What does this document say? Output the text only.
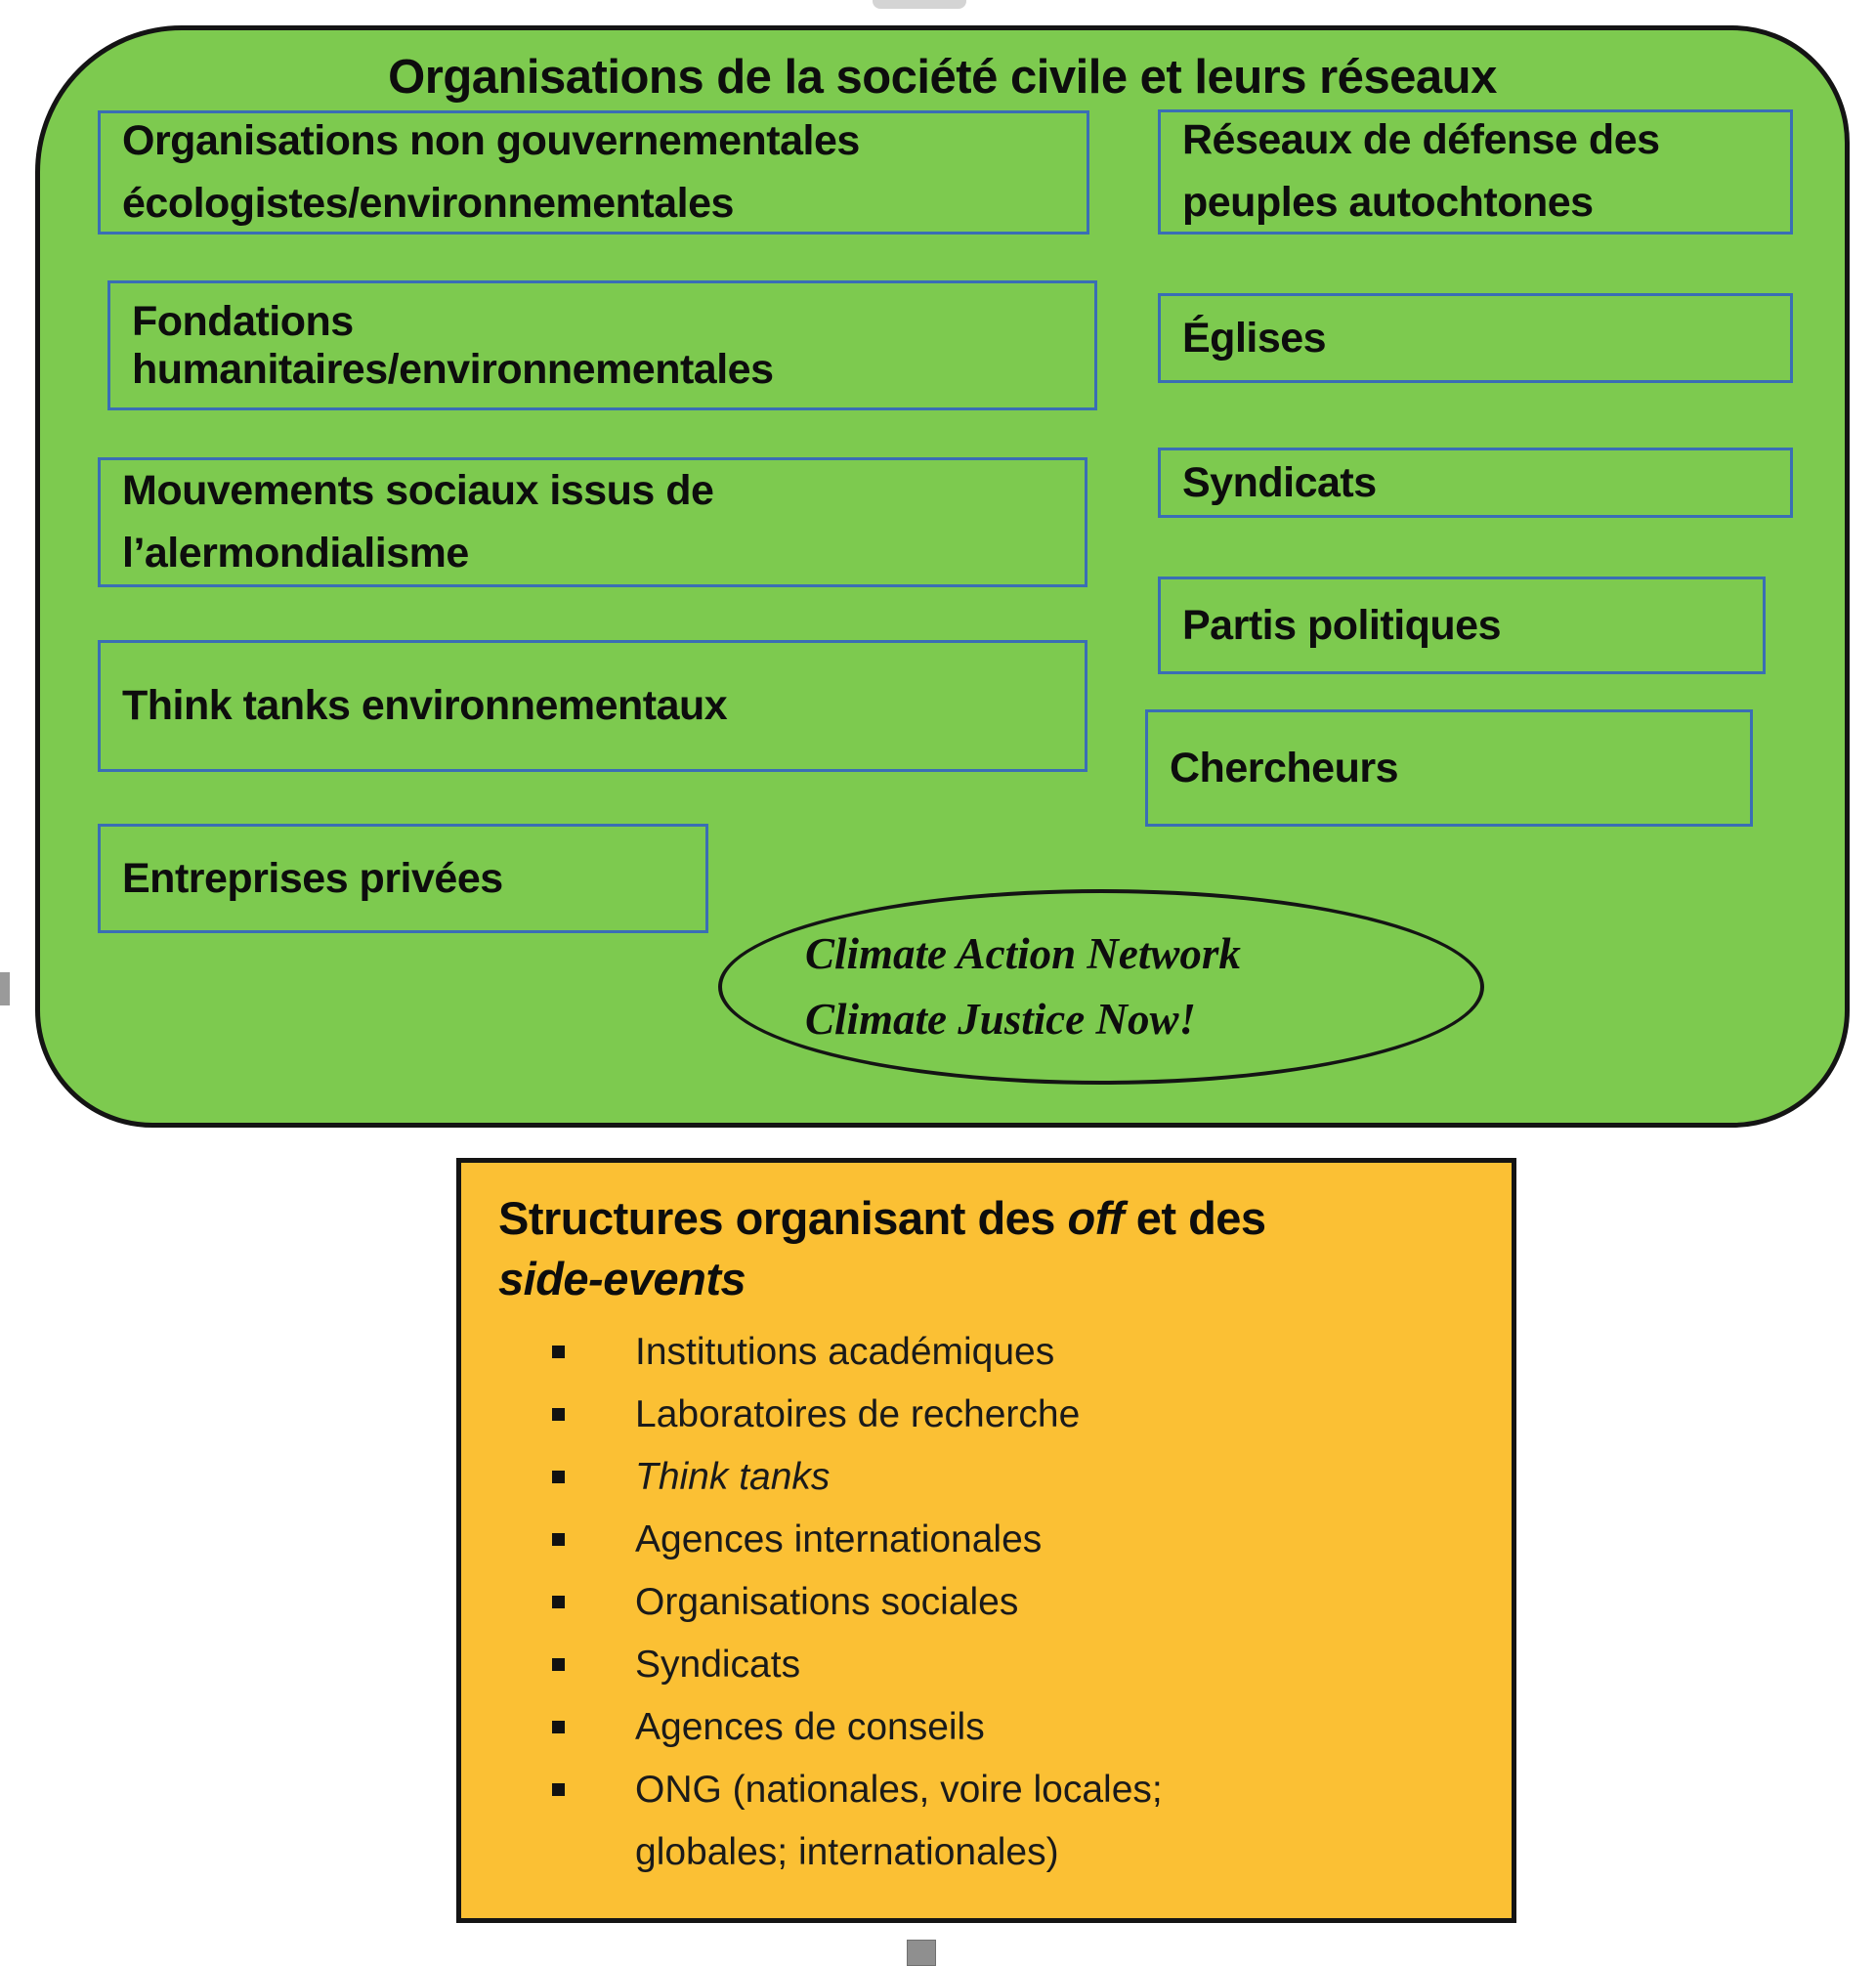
Organisations de la société civile et leurs réseaux
Organisations non gouvernementales
écologistes/environnementales
Fondations
humanitaires/environnementales
Mouvements sociaux issus de
l’alermondialisme
Think tanks environnementaux
Entreprises privées
Réseaux de défense des
peuples autochtones
Églises
Syndicats
Partis politiques
Chercheurs
Climate Action Network
Climate Justice Now!
Structures organisant des off et des
side-events
Institutions académiques
Laboratoires de recherche
Think tanks
Agences internationales
Organisations sociales
Syndicats
Agences de conseils
ONG (nationales, voire locales;
globales; internationales)
